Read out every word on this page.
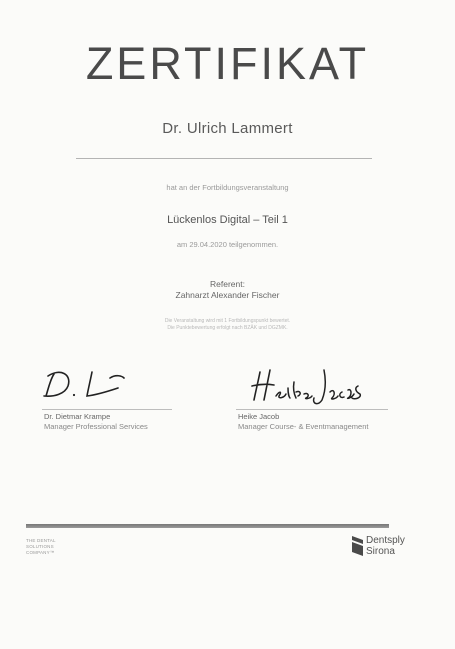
ZERTIFIKAT
Dr. Ulrich Lammert
hat an der Fortbildungsveranstaltung
Lückenlos Digital – Teil 1
am 29.04.2020 teilgenommen.
Referent:
Zahnarzt Alexander Fischer
Die Veranstaltung wird mit 1 Fortbildungspunkt bewertet.
Die Punktebewertung erfolgt nach BZÄK und DGZMK.
Dr. Dietmar Krampe
Manager Professional Services
Heike Jacob
Manager Course- & Eventmanagement
THE DENTAL
SOLUTIONS
COMPANY™
Dentsply
Sirona
